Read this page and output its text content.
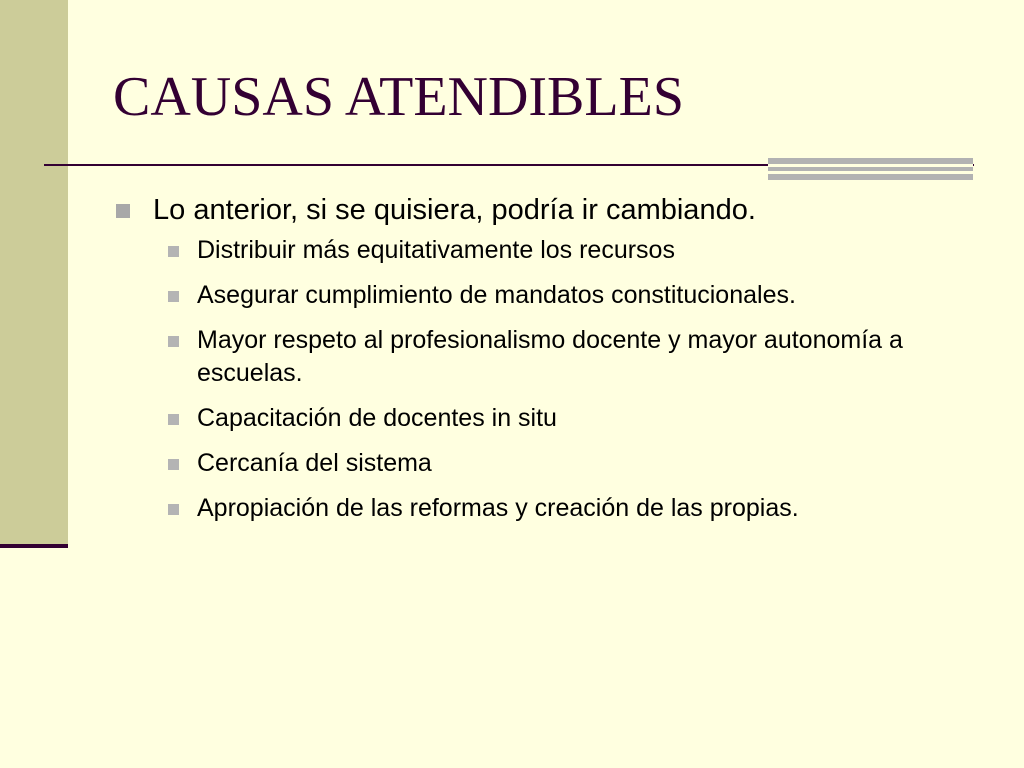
CAUSAS ATENDIBLES
Lo anterior, si se quisiera, podría ir cambiando.
Distribuir más equitativamente los recursos
Asegurar cumplimiento de mandatos constitucionales.
Mayor respeto al profesionalismo docente y mayor autonomía a escuelas.
Capacitación de docentes in situ
Cercanía del sistema
Apropiación de las reformas y creación de las propias.
